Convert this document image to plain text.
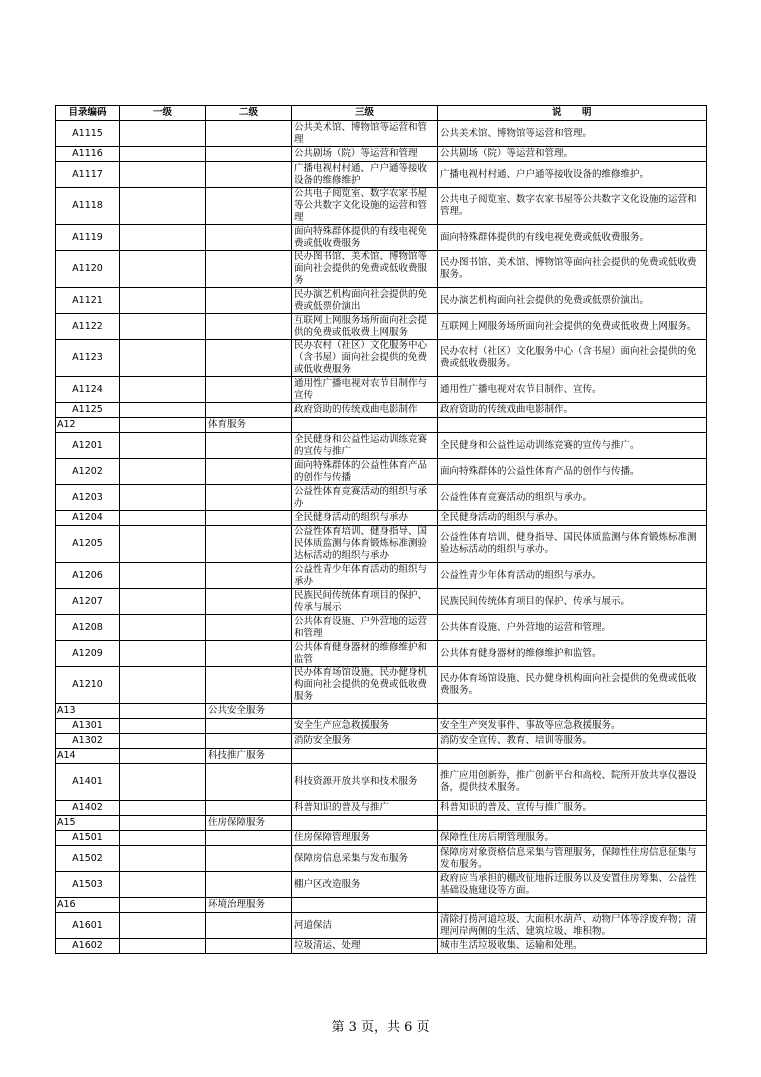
目录编码	一级	二级	三级	说　　明
A1115			公共美术馆、博物馆等运营和管理	公共美术馆、博物馆等运营和管理。
A1116			公共剧场（院）等运营和管理	公共剧场（院）等运营和管理。
A1117			广播电视村村通、户户通等接收设备的维修维护	广播电视村村通、户户通等接收设备的维修维护。
A1118			公共电子阅览室、数字农家书屋等公共数字文化设施的运营和管理	公共电子阅览室、数字农家书屋等公共数字文化设施的运营和管理。
A1119			面向特殊群体提供的有线电视免费或低收费服务	面向特殊群体提供的有线电视免费或低收费服务。
A1120			民办图书馆、美术馆、博物馆等面向社会提供的免费或低收费服务	民办图书馆、美术馆、博物馆等面向社会提供的免费或低收费服务。
A1121			民办演艺机构面向社会提供的免费或低票价演出	民办演艺机构面向社会提供的免费或低票价演出。
A1122			互联网上网服务场所面向社会提供的免费或低收费上网服务	互联网上网服务场所面向社会提供的免费或低收费上网服务。
A1123			民办农村（社区）文化服务中心（含书屋）面向社会提供的免费或低收费服务	民办农村（社区）文化服务中心（含书屋）面向社会提供的免费或低收费服务。
A1124			通用性广播电视对农节目制作与宣传	通用性广播电视对农节目制作、宣传。
A1125			政府资助的传统戏曲电影制作	政府资助的传统戏曲电影制作。
A12		体育服务		
A1201			全民健身和公益性运动训练竞赛的宣传与推广	全民健身和公益性运动训练竞赛的宣传与推广。
A1202			面向特殊群体的公益性体育产品的创作与传播	面向特殊群体的公益性体育产品的创作与传播。
A1203			公益性体育竞赛活动的组织与承办	公益性体育竞赛活动的组织与承办。
A1204			全民健身活动的组织与承办	全民健身活动的组织与承办。
A1205			公益性体育培训、健身指导、国民体质监测与体育锻炼标准测验达标活动的组织与承办	公益性体育培训、健身指导、国民体质监测与体育锻炼标准测验达标活动的组织与承办。
A1206			公益性青少年体育活动的组织与承办	公益性青少年体育活动的组织与承办。
A1207			民族民间传统体育项目的保护、传承与展示	民族民间传统体育项目的保护、传承与展示。
A1208			公共体育设施、户外营地的运营和管理	公共体育设施、户外营地的运营和管理。
A1209			公共体育健身器材的维修维护和监管	公共体育健身器材的维修维护和监管。
A1210			民办体育场馆设施、民办健身机构面向社会提供的免费或低收费服务	民办体育场馆设施、民办健身机构面向社会提供的免费或低收费服务。
A13		公共安全服务		
A1301			安全生产应急救援服务	安全生产突发事件、事故等应急救援服务。
A1302			消防安全服务	消防安全宣传、教育、培训等服务。
A14		科技推广服务		
A1401			科技资源开放共享和技术服务	推广应用创新券，推广创新平台和高校、院所开放共享仪器设备，提供技术服务。
A1402			科普知识的普及与推广	科普知识的普及、宣传与推广服务。
A15		住房保障服务		
A1501			住房保障管理服务	保障性住房后期管理服务。
A1502			保障房信息采集与发布服务	保障房对象资格信息采集与管理服务，保障性住房信息征集与发布服务。
A1503			棚户区改造服务	政府应当承担的棚改征地拆迁服务以及安置住房筹集、公益性基础设施建设等方面。
A16		环境治理服务		
A1601			河道保洁	清除打捞河道垃圾、大面积水葫芦、动物尸体等浮废弃物；清理河岸两侧的生活、建筑垃圾、堆积物。
A1602			垃圾清运、处理	城市生活垃圾收集、运输和处理。
第 3 页，共 6 页
